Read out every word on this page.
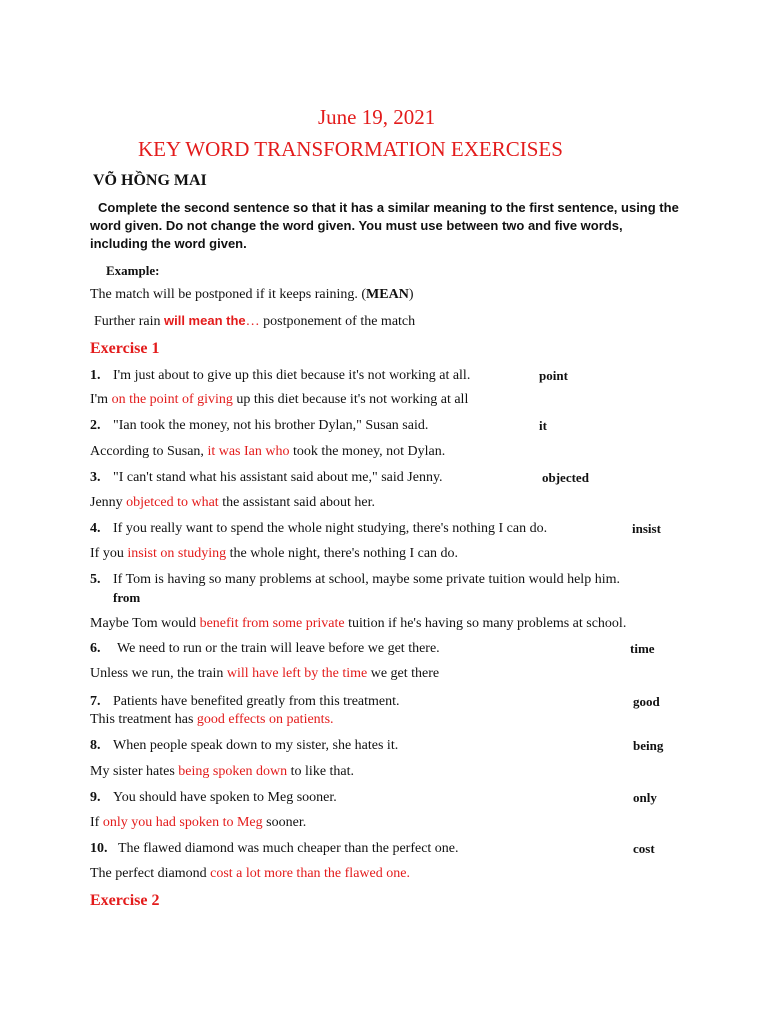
June 19, 2021
KEY WORD TRANSFORMATION EXERCISES
VÕ HỒNG MAI
Complete the second sentence so that it has a similar meaning to the first sentence, using the word given. Do not change the word given. You must use between two and five words, including the word given.
Example:
The match will be postponed if it keeps raining. (MEAN)
Further rain will mean the… postponement of the match
Exercise 1
1. I'm just about to give up this diet because it's not working at all.	point
I'm on the point of giving up this diet because it's not working at all
2. "Ian took the money, not his brother Dylan," Susan said.	it
According to Susan, it was Ian who took the money, not Dylan.
3. "I can't stand what his assistant said about me," said Jenny.	objected
Jenny objetced to what the assistant said about her.
4. If you really want to spend the whole night studying, there's nothing I can do.	insist
If you insist on studying the whole night, there's nothing I can do.
5. If Tom is having so many problems at school, maybe some private tuition would help him.
from
Maybe Tom would benefit from some private tuition if he's having so many problems at school.
6. We need to run or the train will leave before we get there.	time
Unless we run, the train will have left by the time we get there
7. Patients have benefited greatly from this treatment.	good
This treatment has good effects on patients.
8. When people speak down to my sister, she hates it.	being
My sister hates being spoken down to like that.
9. You should have spoken to Meg sooner.	only
If only you had spoken to Meg sooner.
10. The flawed diamond was much cheaper than the perfect one.	cost
The perfect diamond cost a lot more than the flawed one.
Exercise 2
